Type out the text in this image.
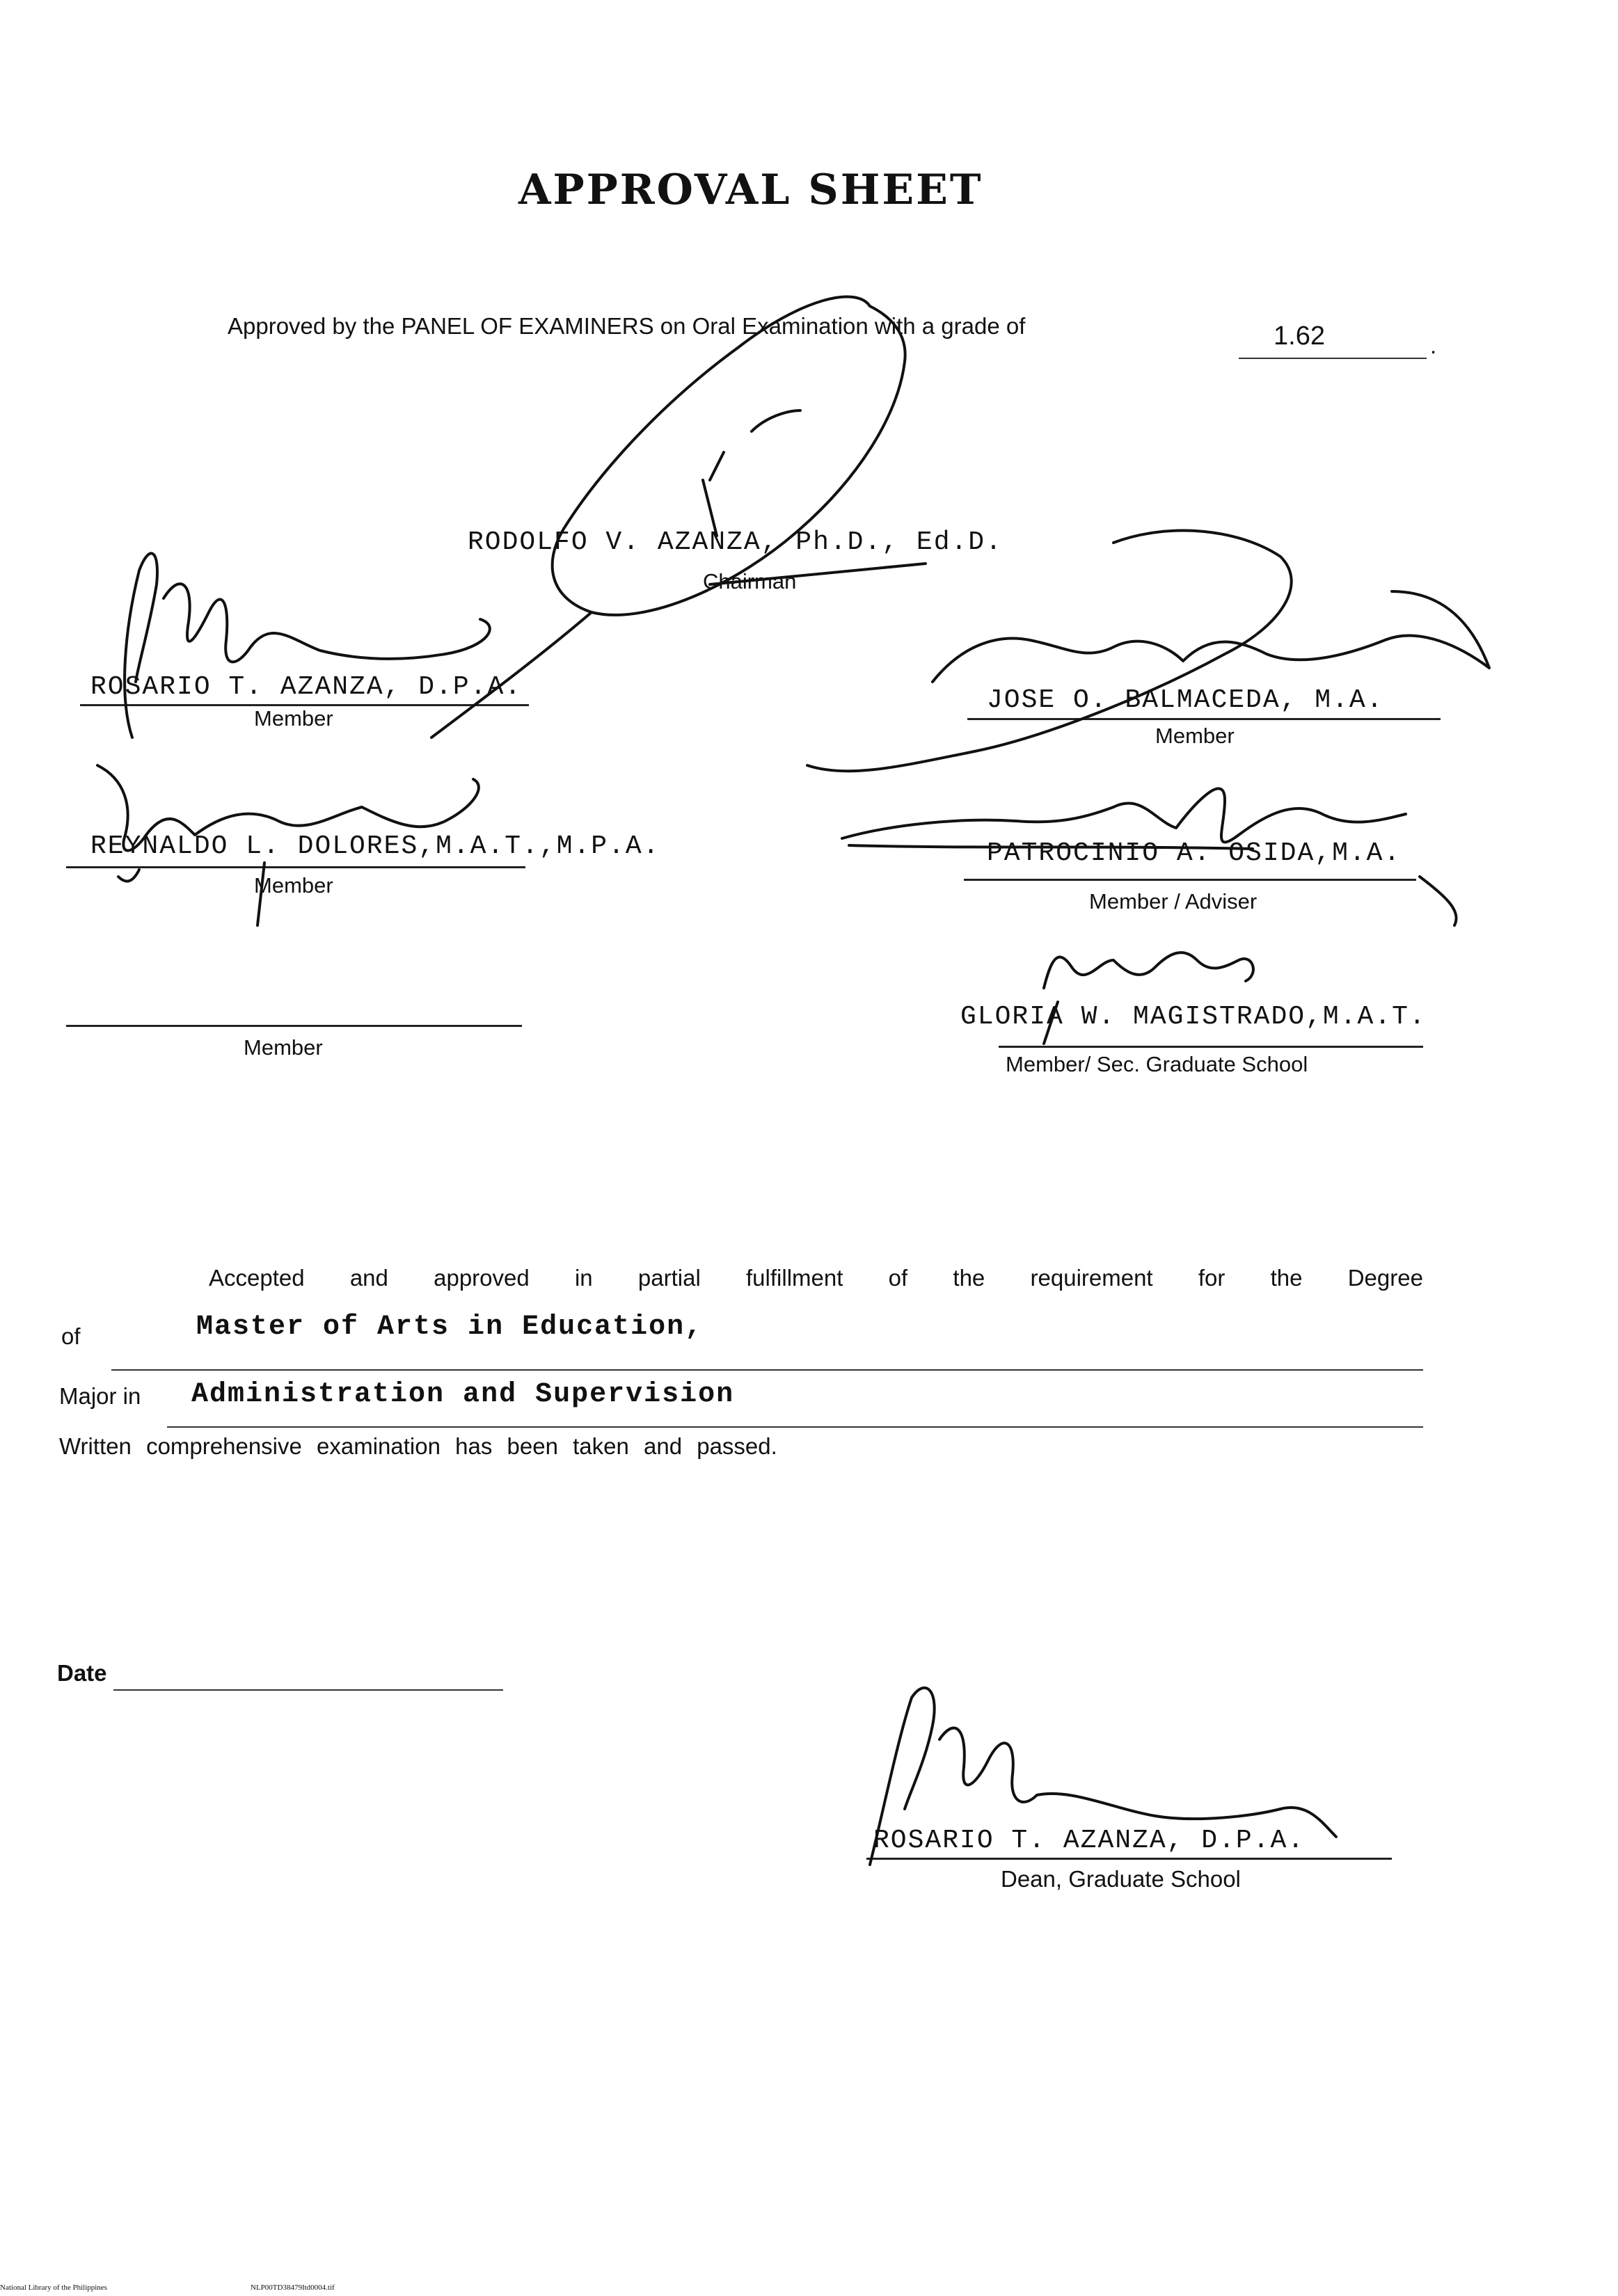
APPROVAL SHEET
Approved by the PANEL OF EXAMINERS on Oral Examination with a grade of	1.62	.
RODOLFO V. AZANZA, Ph.D., Ed.D.
Chairman
ROSARIO T. AZANZA, D.P.A.
Member
JOSE O. BALMACEDA, M.A.
Member
REYNALDO L. DOLORES,M.A.T.,M.P.A.
Member
PATROCINIO A. OSIDA,M.A.
Member / Adviser
GLORIA W. MAGISTRADO,M.A.T.
Member/ Sec. Graduate School
Member
Accepted and approved in partial fulfillment of the requirement for the Degree
of	Master of Arts in Education,
Major in Administration and Supervision
Written comprehensive examination has been taken and passed.
Date
ROSARIO T. AZANZA, D.P.A.
Dean, Graduate School
National Library of the Philippines	NLP00TD38479Itd0004.tif
